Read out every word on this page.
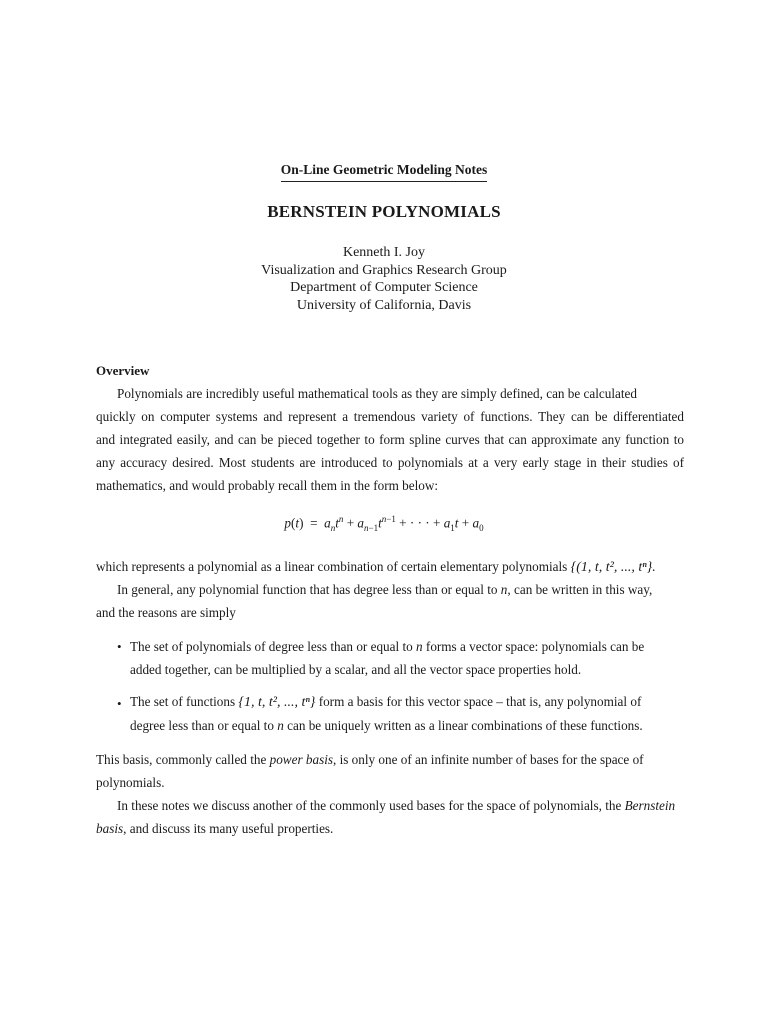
On-Line Geometric Modeling Notes
BERNSTEIN POLYNOMIALS
Kenneth I. Joy
Visualization and Graphics Research Group
Department of Computer Science
University of California, Davis
Overview
Polynomials are incredibly useful mathematical tools as they are simply defined, can be calculated
quickly on computer systems and represent a tremendous variety of functions. They can be differentiated
and integrated easily, and can be pieced together to form spline curves that can approximate any function to
any accuracy desired. Most students are introduced to polynomials at a very early stage in their studies of
mathematics, and would probably recall them in the form below:
$p(t) = a_nt^n + a_{n-1}t^{n-1}$ + · · · + $a_1t + a_0$
which represents a polynomial as a linear combination of certain elementary polynomials {(1, t, t², ..., tⁿ}.
In general, any polynomial function that has degree less than or equal to n, can be written in this way,
and the reasons are simply
• The set of polynomials of degree less than or equal to n forms a vector space: polynomials can be
added together, can be multiplied by a scalar, and all the vector space properties hold.
• The set of functions {1, t, t², ..., tⁿ} form a basis for this vector space – that is, any polynomial of
degree less than or equal to n can be uniquely written as a linear combinations of these functions.
This basis, commonly called the power basis, is only one of an infinite number of bases for the space of
polynomials.
In these notes we discuss another of the commonly used bases for the space of polynomials, the Bernstein
basis, and discuss its many useful properties.
